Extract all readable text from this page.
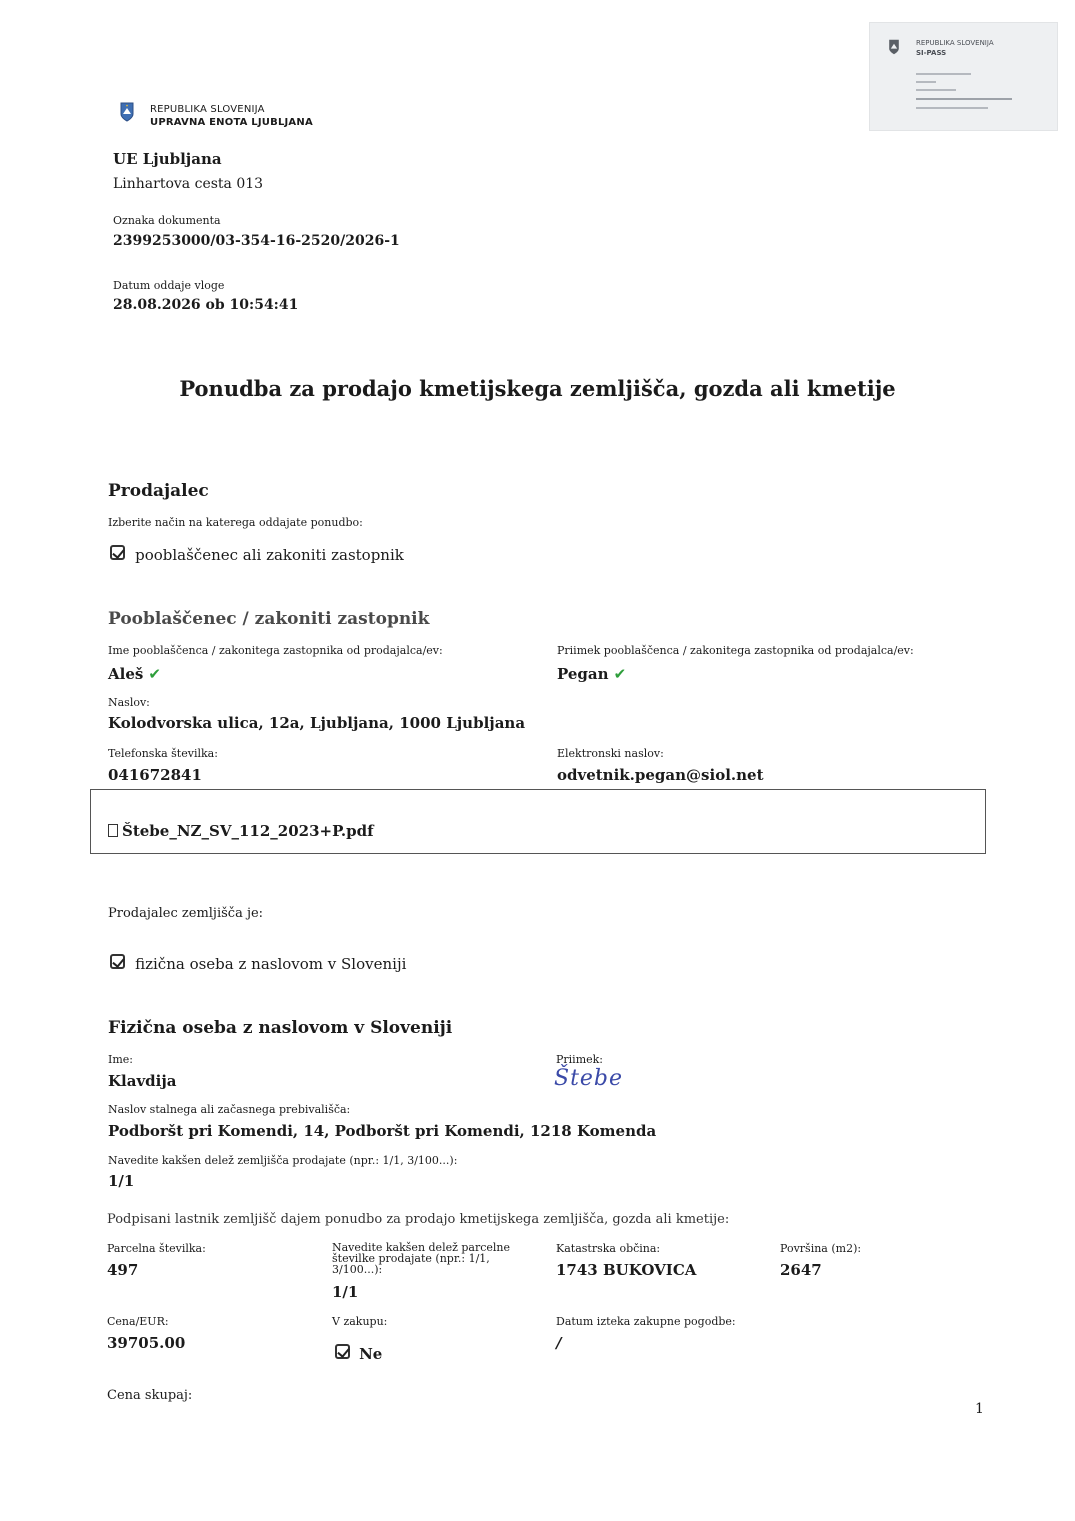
REPUBLIKA SLOVENIJA
UPRAVNA ENOTA LJUBLJANA
REPUBLIKA SLOVENIJA
SI-PASS
UE Ljubljana
Linhartova cesta 013
Oznaka dokumenta
2399253000/03-354-16-2520/2026-1
Datum oddaje vloge
28.08.2026 ob 10:54:41
Ponudba za prodajo kmetijskega zemljišča, gozda ali kmetije
Prodajalec
Izberite način na katerega oddajate ponudbo:
pooblaščenec ali zakoniti zastopnik
Pooblaščenec / zakoniti zastopnik
Ime pooblaščenca / zakonitega zastopnika od prodajalca/ev:
Aleš ✔
Priimek pooblaščenca / zakonitega zastopnika od prodajalca/ev:
Pegan ✔
Naslov:
Kolodvorska ulica, 12a, Ljubljana, 1000 Ljubljana
Telefonska številka:
041672841
Elektronski naslov:
odvetnik.pegan@siol.net
Štebe_NZ_SV_112_2023+P.pdf
Prodajalec zemljišča je:
fizična oseba z naslovom v Sloveniji
Fizična oseba z naslovom v Sloveniji
Ime:
Klavdija
Priimek:
Štebe
Naslov stalnega ali začasnega prebivališča:
Podboršt pri Komendi, 14, Podboršt pri Komendi, 1218 Komenda
Navedite kakšen delež zemljišča prodajate (npr.: 1/1, 3/100...):
1/1
Podpisani lastnik zemljišč dajem ponudbo za prodajo kmetijskega zemljišča, gozda ali kmetije:
Parcelna številka:
497
Navedite kakšen delež parcelne številke prodajate (npr.: 1/1, 3/100...):
1/1
Katastrska občina:
1743 BUKOVICA
Površina (m2):
2647
Cena/EUR:
39705.00
V zakupu:
Ne
Datum izteka zakupne pogodbe:
/
Cena skupaj:
1
